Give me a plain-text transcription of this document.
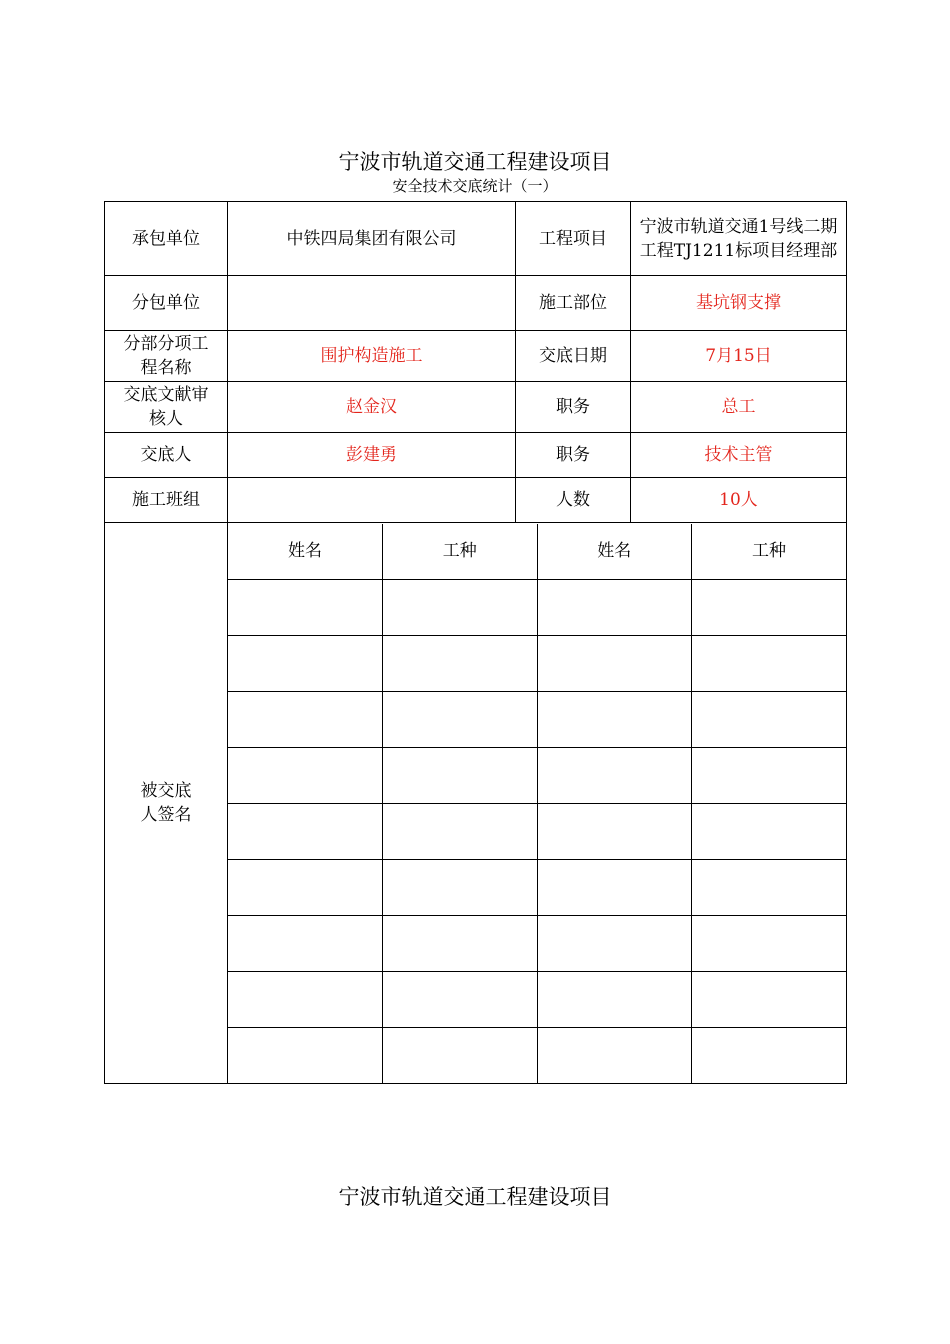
宁波市轨道交通工程建设项目
安全技术交底统计（一）
承包单位	中铁四局集团有限公司	工程项目	宁波市轨道交通1号线二期工程TJ1211标项目经理部
分包单位		施工部位	基坑钢支撑
分部分项工程名称	围护构造施工	交底日期	7月15日
交底文献审核人	赵金汉	职务	总工
交底人	彭建勇	职务	技术主管
施工班组		人数	10人
被交底人签名	
姓名	工种	姓名	工种

宁波市轨道交通工程建设项目
